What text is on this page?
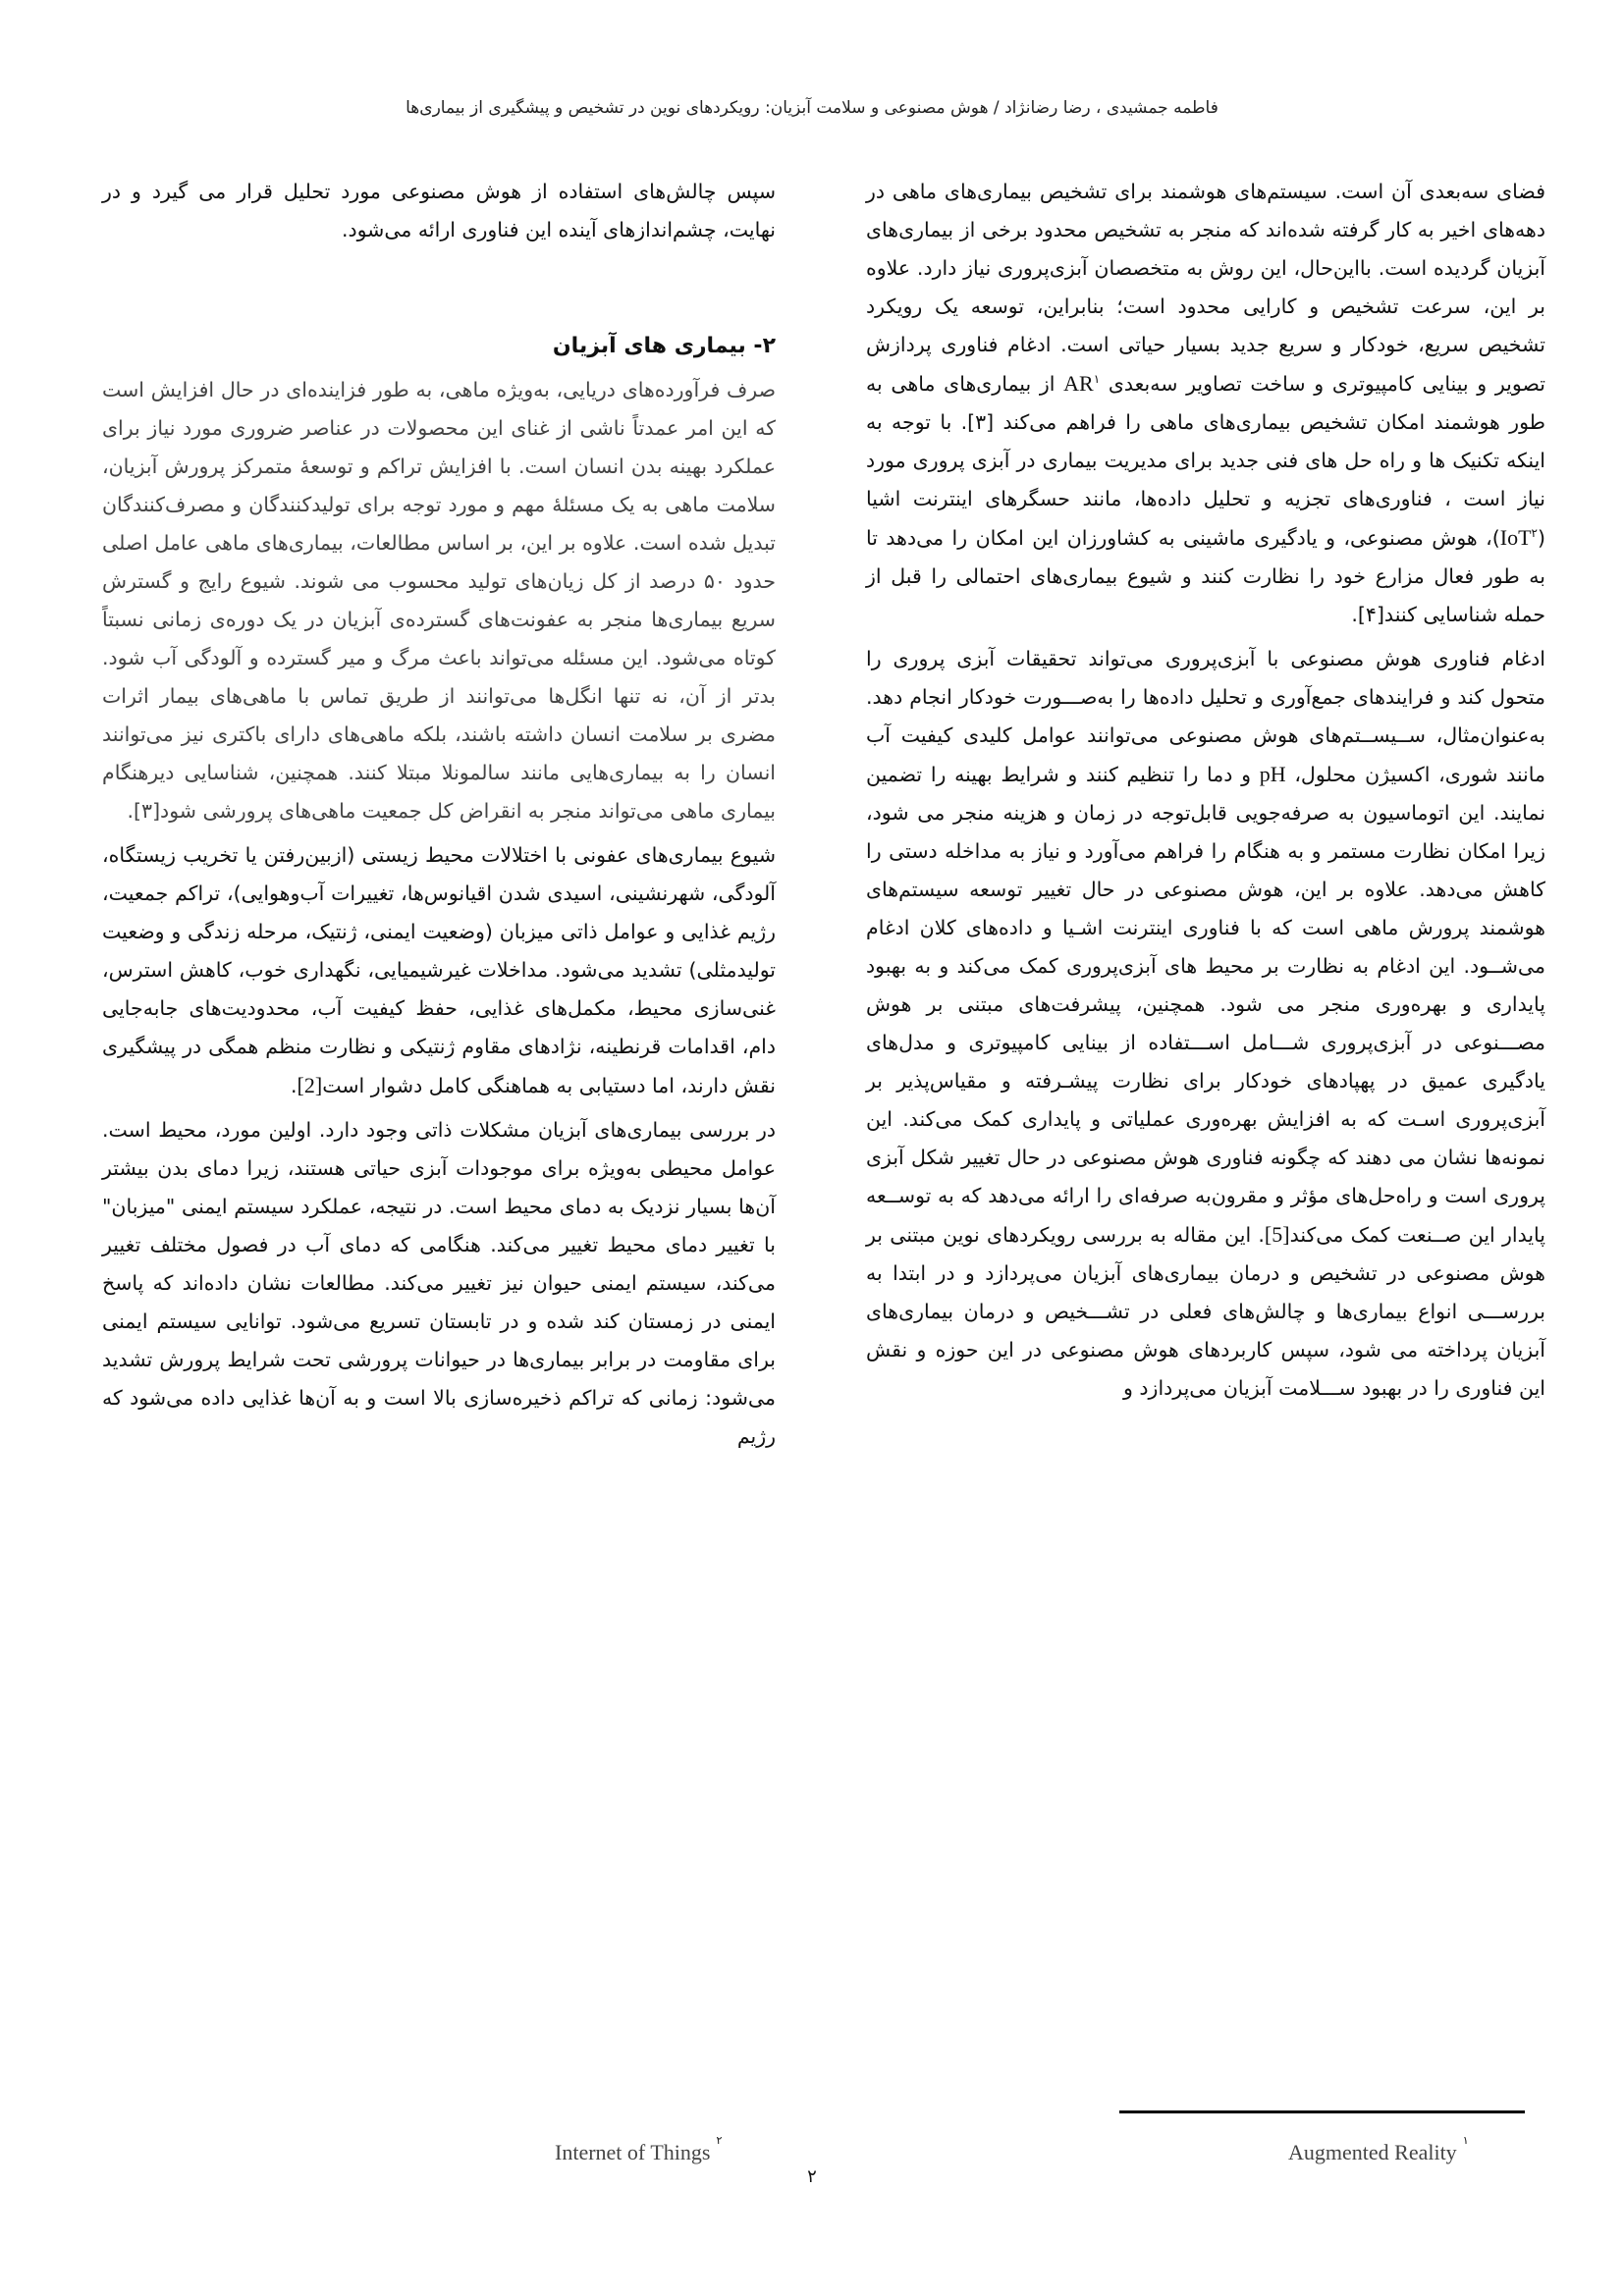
فاطمه جمشیدی ، رضا رضانژاد / هوش مصنوعی و سلامت آبزیان: رویکردهای نوین در تشخیص و پیشگیری از بیماری‌ها

فضای سه‌بعدی آن است. سیستم‌های هوشمند برای تشخیص بیماری‌های ماهی در دهه‌های اخیر به کار گرفته شده‌اند که منجر به تشخیص محدود برخی از بیماری‌های آبزیان گردیده است. بااین‌حال، این روش به متخصصان آبزی‌پروری نیاز دارد. علاوه بر این، سرعت تشخیص و کارایی محدود است؛ بنابراین، توسعه یک رویکرد تشخیص سریع، خودکار و سریع جدید بسیار حیاتی است. ادغام فناوری پردازش تصویر و بینایی کامپیوتری و ساخت تصاویر سه‌بعدی $AR^۱$ از بیماری‌های ماهی به طور هوشمند امکان تشخیص بیماری‌های ماهی را فراهم می‌کند [۳]. با توجه به اینکه تکنیک ها و راه حل های فنی جدید برای مدیریت بیماری در آبزی پروری مورد نیاز است ، فناوری‌های تجزیه و تحلیل داده‌ها، مانند حسگرهای اینترنت اشیا (IoT$^۲$)، هوش مصنوعی، و یادگیری ماشینی به کشاورزان این امکان را می‌دهد تا به طور فعال مزارع خود را نظارت کنند و شیوع بیماری‌های احتمالی را قبل از حمله شناسایی کنند[۴].

ادغام فناوری هوش مصنوعی با آبزی‌پروری می‌تواند تحقیقات آبزی پروری را متحول کند و فرایندهای جمع‌آوری و تحلیل داده‌ها را به‌صـــورت خودکار انجام دهد. به‌عنوان‌مثال، ســیســتم‌های هوش مصنوعی می‌توانند عوامل کلیدی کیفیت آب مانند شوری، اکسیژن محلول، pH و دما را تنظیم کنند و شرایط بهینه را تضمین نمایند. این اتوماسیون به صرفه‌جویی قابل‌توجه در زمان و هزینه منجر می شود، زیرا امکان نظارت مستمر و به هنگام را فراهم می‌آورد و نیاز به مداخله دستی را کاهش می‌دهد. علاوه بر این، هوش مصنوعی در حال تغییر توسعه سیستم‌های هوشمند پرورش ماهی است که با فناوری اینترنت اشـیا و داده‌های کلان ادغام می‌شــود. این ادغام به نظارت بر محیط های آبزی‌پروری کمک می‌کند و به بهبود پایداری و بهره‌وری منجر می شود. همچنین، پیشرفت‌های مبتنی بر هوش مصـــنوعی در آبزی‌پروری شـــامل اســـتفاده از بینایی کامپیوتری و مدل‌های یادگیری عمیق در پهپادهای خودکار برای نظارت پیشـرفته و مقیاس‌پذیر بر آبزی‌پروری اسـت که به افزایش بهره‌وری عملیاتی و پایداری کمک می‌کند. این نمونه‌ها نشان می دهند که چگونه فناوری هوش مصنوعی در حال تغییر شکل آبزی پروری است و راه‌حل‌های مؤثر و مقرون‌به صرفه‌ای را ارائه می‌دهد که به توســعه پایدار این صــنعت کمک می‌کند[5]. این مقاله به بررسی رویکردهای نوین مبتنی بر هوش مصنوعی در تشخیص و درمان بیماری‌های آبزیان می‌پردازد و در ابتدا به بررســـی انواع بیماری‌ها و چالش‌های فعلی در تشـــخیص و درمان بیماری‌های آبزیان پرداخته می شود، سپس کاربردهای هوش مصنوعی در این حوزه و نقش این فناوری را در بهبود ســـلامت آبزیان می‌پردازد و

سپس چالش‌های استفاده از هوش مصنوعی مورد تحلیل قرار می گیرد و در نهایت، چشم‌اندازهای آینده این فناوری ارائه می‌شود.

۲- بیماری های آبزیان

صرف فرآورده‌های دریایی، به‌ویژه ماهی، به طور فزاینده‌ای در حال افزایش است که این امر عمدتاً ناشی از غنای این محصولات در عناصر ضروری مورد نیاز برای عملکرد بهینه بدن انسان است. با افزایش تراکم و توسعهٔ متمرکز پرورش آبزیان، سلامت ماهی به یک مسئلهٔ مهم و مورد توجه برای تولیدکنندگان و مصرف‌کنندگان تبدیل شده است. علاوه بر این، بر اساس مطالعات، بیماری‌های ماهی عامل اصلی حدود ۵۰ درصد از کل زیان‌های تولید محسوب می شوند. شیوع رایج و گسترش سریع بیماری‌ها منجر به عفونت‌های گسترده‌ی آبزیان در یک دوره‌ی زمانی نسبتاً کوتاه می‌شود. این مسئله می‌تواند باعث مرگ و میر گسترده و آلودگی آب شود. بدتر از آن، نه تنها انگل‌ها می‌توانند از طریق تماس با ماهی‌های بیمار اثرات مضری بر سلامت انسان داشته باشند، بلکه ماهی‌های دارای باکتری نیز می‌توانند انسان را به بیماری‌هایی مانند سالمونلا مبتلا کنند. همچنین، شناسایی دیرهنگام بیماری ماهی می‌تواند منجر به انقراض کل جمعیت ماهی‌های پرورشی شود[۳].

شیوع بیماری‌های عفونی با اختلالات محیط زیستی (ازبین‌رفتن یا تخریب زیستگاه، آلودگی، شهرنشینی، اسیدی شدن اقیانوس‌ها، تغییرات آب‌وهوایی)، تراکم جمعیت، رژیم غذایی و عوامل ذاتی میزبان (وضعیت ایمنی، ژنتیک، مرحله زندگی و وضعیت تولیدمثلی) تشدید می‌شود. مداخلات غیرشیمیایی، نگهداری خوب، کاهش استرس، غنی‌سازی محیط، مکمل‌های غذایی، حفظ کیفیت آب، محدودیت‌های جابه‌جایی دام، اقدامات قرنطینه، نژادهای مقاوم ژنتیکی و نظارت منظم همگی در پیشگیری نقش دارند، اما دستیابی به هماهنگی کامل دشوار است[2].

در بررسی بیماری‌های آبزیان مشکلات ذاتی وجود دارد. اولین مورد، محیط است. عوامل محیطی به‌ویژه برای موجودات آبزی حیاتی هستند، زیرا دمای بدن بیشتر آن‌ها بسیار نزدیک به دمای محیط است. در نتیجه، عملکرد سیستم ایمنی "میزبان" با تغییر دمای محیط تغییر می‌کند. هنگامی که دمای آب در فصول مختلف تغییر می‌کند، سیستم ایمنی حیوان نیز تغییر می‌کند. مطالعات نشان داده‌اند که پاسخ ایمنی در زمستان کند شده و در تابستان تسریع می‌شود. توانایی سیستم ایمنی برای مقاومت در برابر بیماری‌ها در حیوانات پرورشی تحت شرایط پرورش تشدید می‌شود: زمانی که تراکم ذخیره‌سازی بالا است و به آن‌ها غذایی داده می‌شود که رژیم

Augmented Reality $^۱$
Internet of Things $^۲$
۲
